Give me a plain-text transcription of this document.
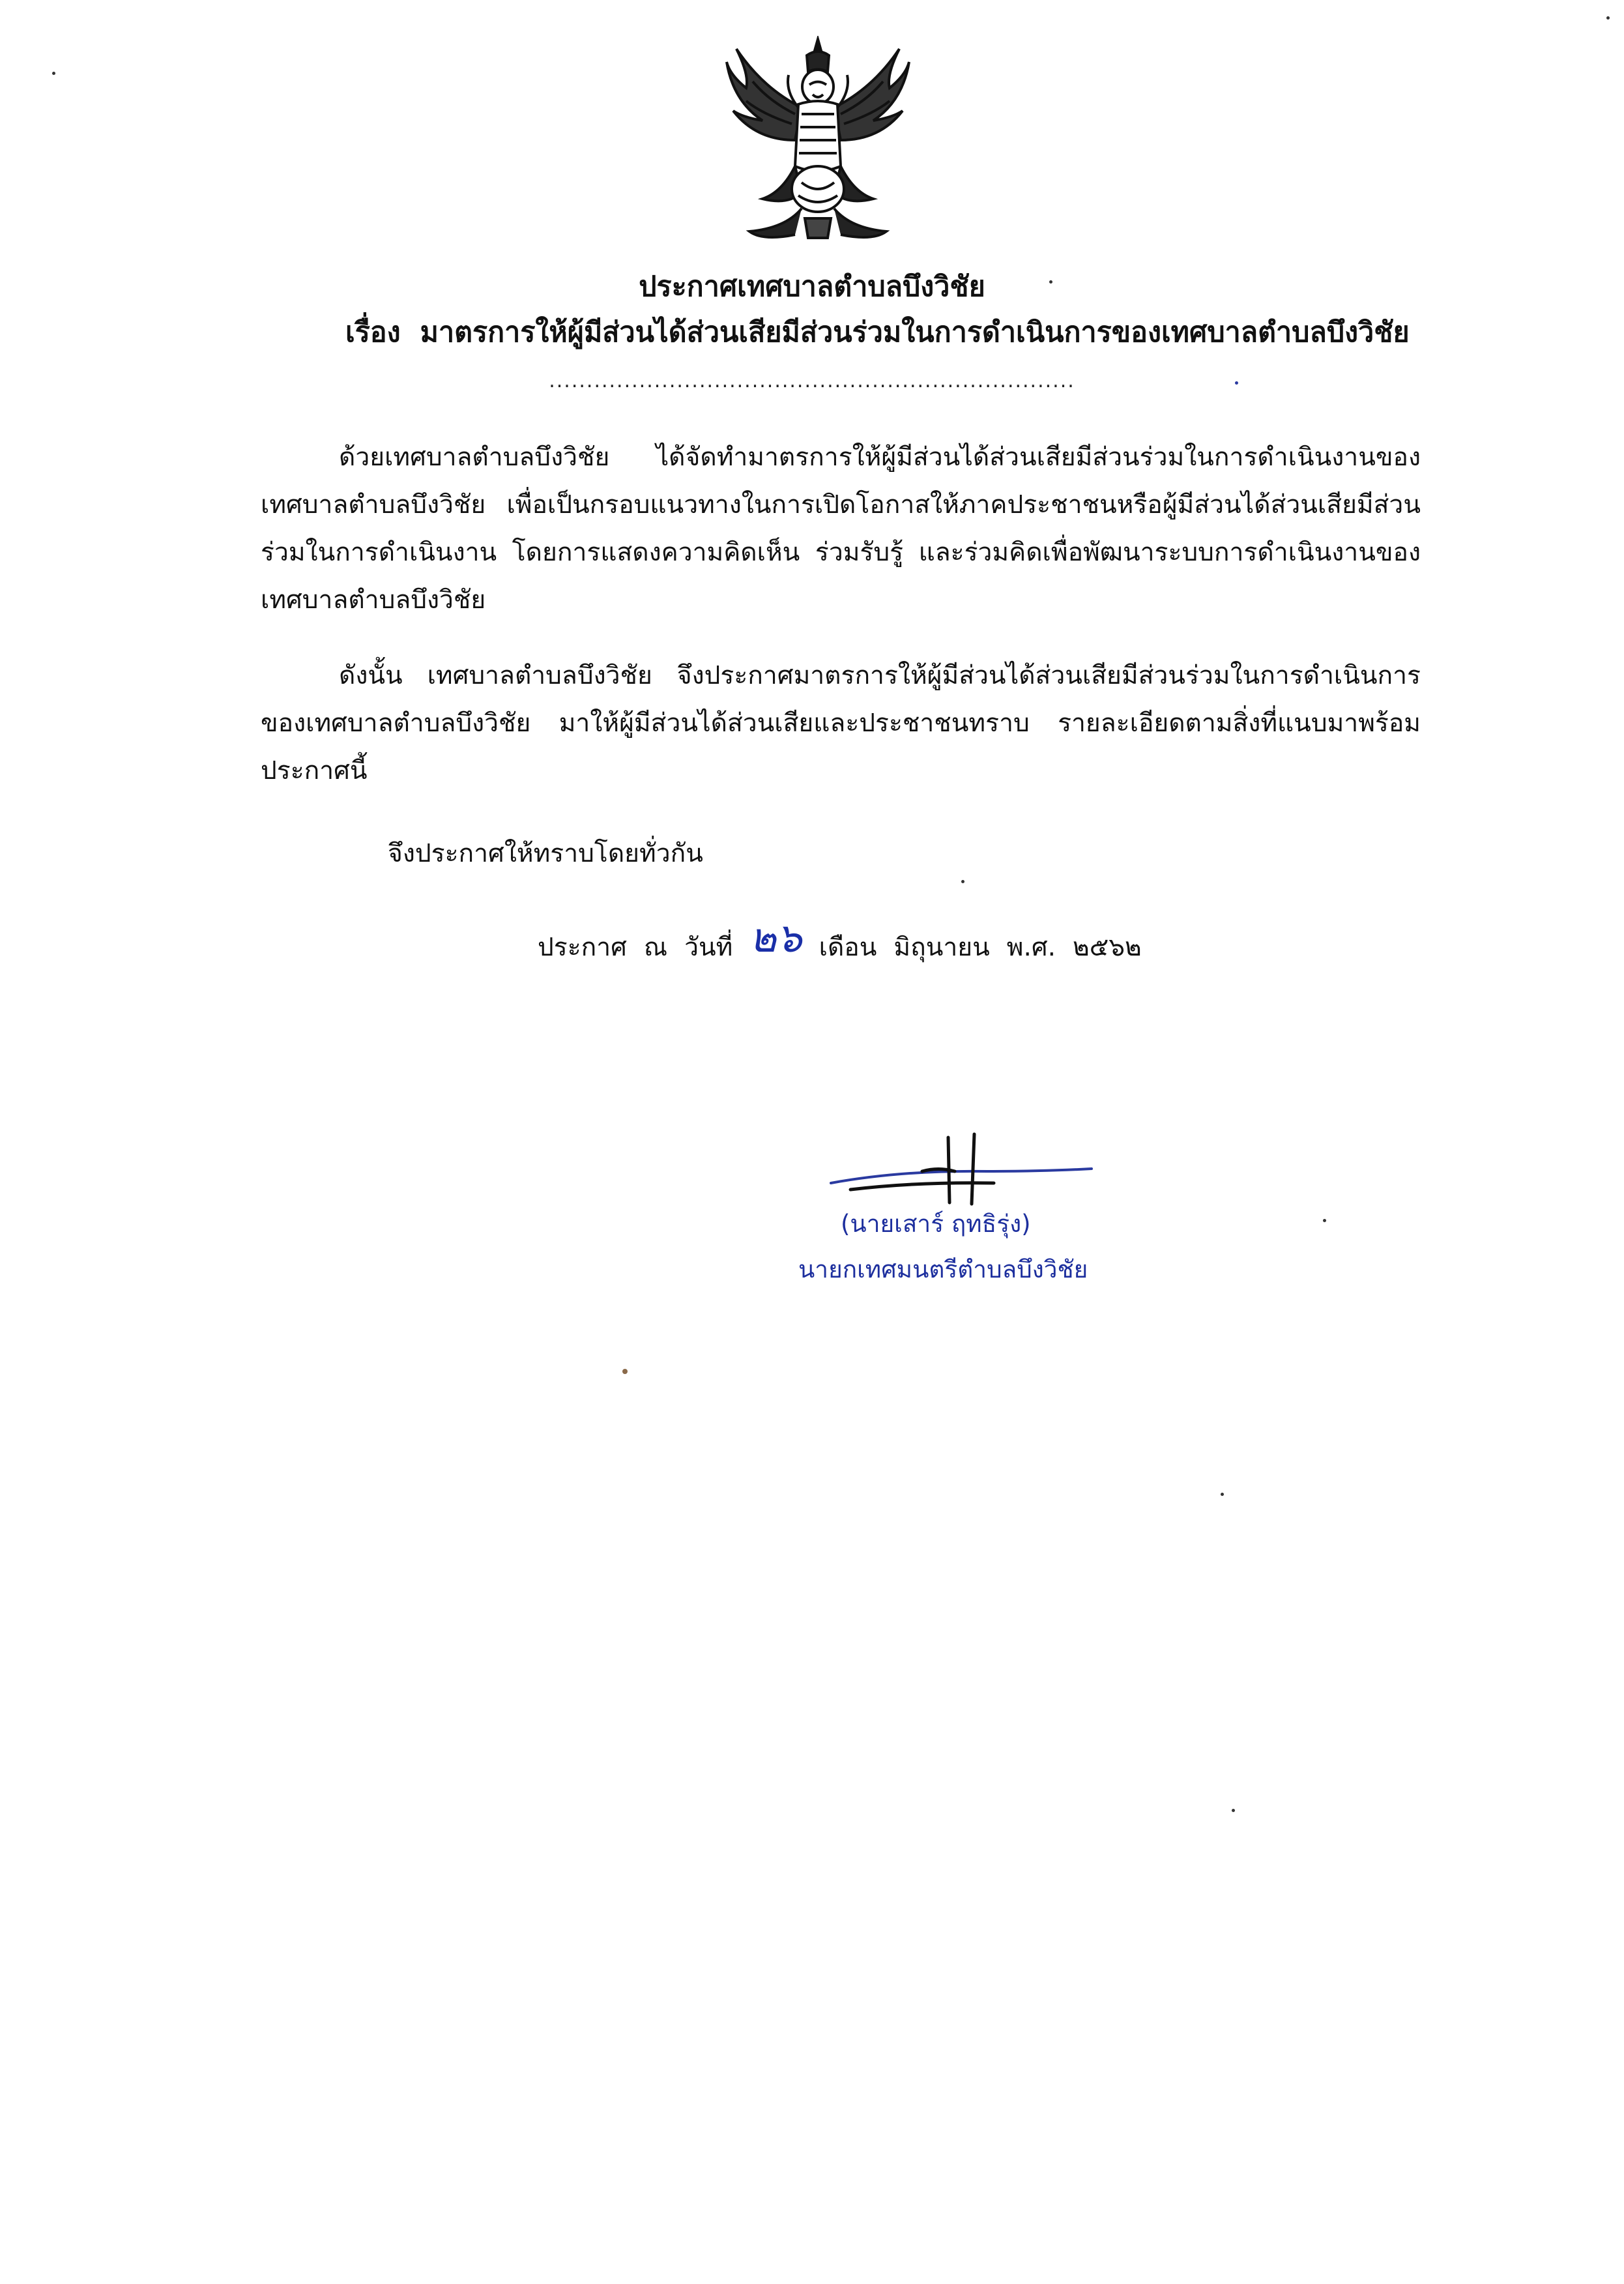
ประกาศเทศบาลตำบลบึงวิชัย
เรื่อง มาตรการให้ผู้มีส่วนได้ส่วนเสียมีส่วนร่วมในการดำเนินการของเทศบาลตำบลบึงวิชัย
......................................................................
ด้วยเทศบาลตำบลบึงวิชัย ได้จัดทำมาตรการให้ผู้มีส่วนได้ส่วนเสียมีส่วนร่วมในการดำเนินงานของเทศบาลตำบลบึงวิชัย เพื่อเป็นกรอบแนวทางในการเปิดโอกาสให้ภาคประชาชนหรือผู้มีส่วนได้ส่วนเสียมีส่วนร่วมในการดำเนินงาน โดยการแสดงความคิดเห็น ร่วมรับรู้ และร่วมคิดเพื่อพัฒนาระบบการดำเนินงานของเทศบาลตำบลบึงวิชัย
ดังนั้น เทศบาลตำบลบึงวิชัย จึงประกาศมาตรการให้ผู้มีส่วนได้ส่วนเสียมีส่วนร่วมในการดำเนินการของเทศบาลตำบลบึงวิชัย มาให้ผู้มีส่วนได้ส่วนเสียและประชาชนทราบ รายละเอียดตามสิ่งที่แนบมาพร้อมประกาศนี้
จึงประกาศให้ทราบโดยทั่วกัน
ประกาศ ณ วันที่ ๒๖ เดือน มิถุนายน พ.ศ. ๒๕๖๒
(นายเสาร์ ฤทธิรุ่ง)
นายกเทศมนตรีตำบลบึงวิชัย
